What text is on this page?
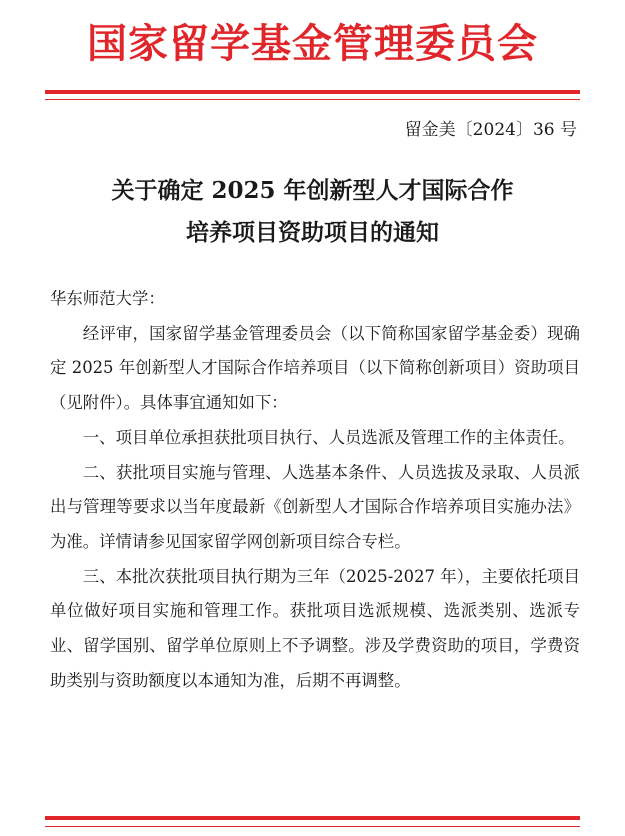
国家留学基金管理委员会
留金美〔2024〕36 号
关于确定 2025 年创新型人才国际合作
培养项目资助项目的通知

华东师范大学：

经评审，国家留学基金管理委员会（以下简称国家留学基金委）现确定 2025 年创新型人才国际合作培养项目（以下简称创新项目）资助项目（见附件）。具体事宜通知如下：

一、项目单位承担获批项目执行、人员选派及管理工作的主体责任。

二、获批项目实施与管理、人选基本条件、人员选拔及录取、人员派出与管理等要求以当年度最新《创新型人才国际合作培养项目实施办法》为准。详情请参见国家留学网创新项目综合专栏。

三、本批次获批项目执行期为三年（2025-2027 年），主要依托项目单位做好项目实施和管理工作。获批项目选派规模、选派类别、选派专业、留学国别、留学单位原则上不予调整。涉及学费资助的项目，学费资助类别与资助额度以本通知为准，后期不再调整。
